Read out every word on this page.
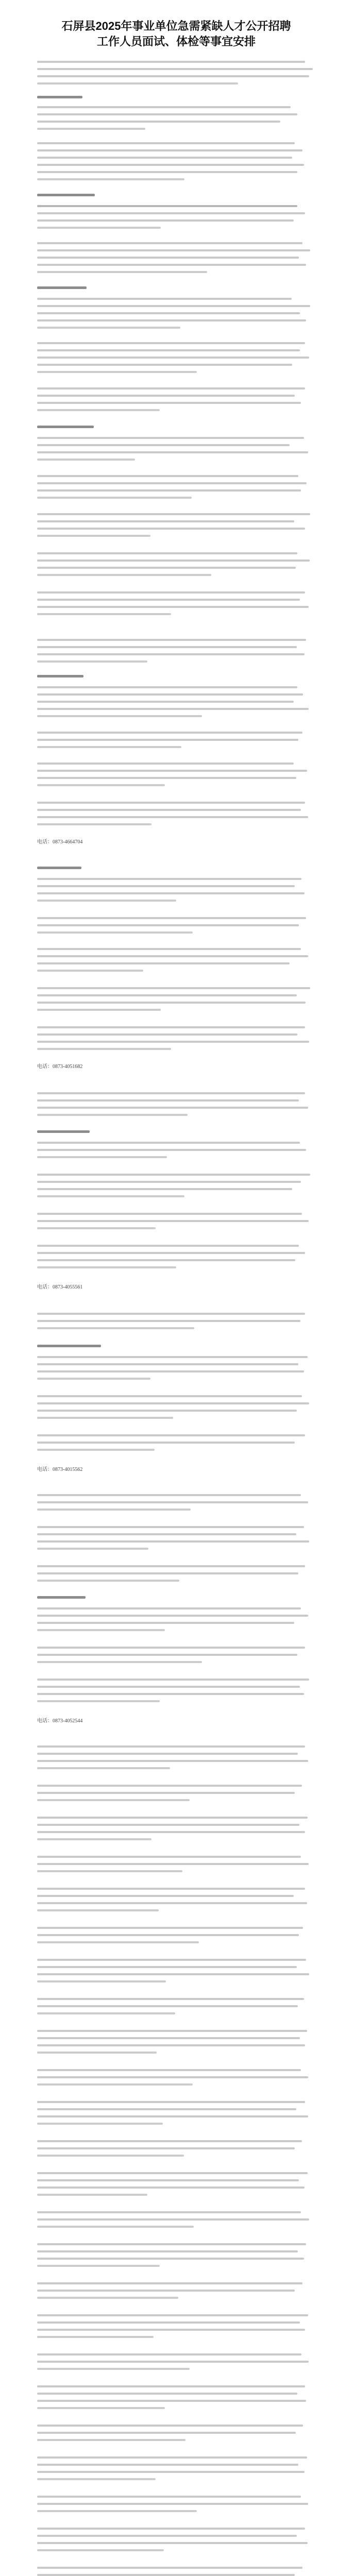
石屏县2025年事业单位急需紧缺人才公开招聘
工作人员面试、体检等事宜安排
电话：0873-4664704
电话：0873-4051682
电话：0873-4055561
电话：0873-4015562
电话：0873-4052544
